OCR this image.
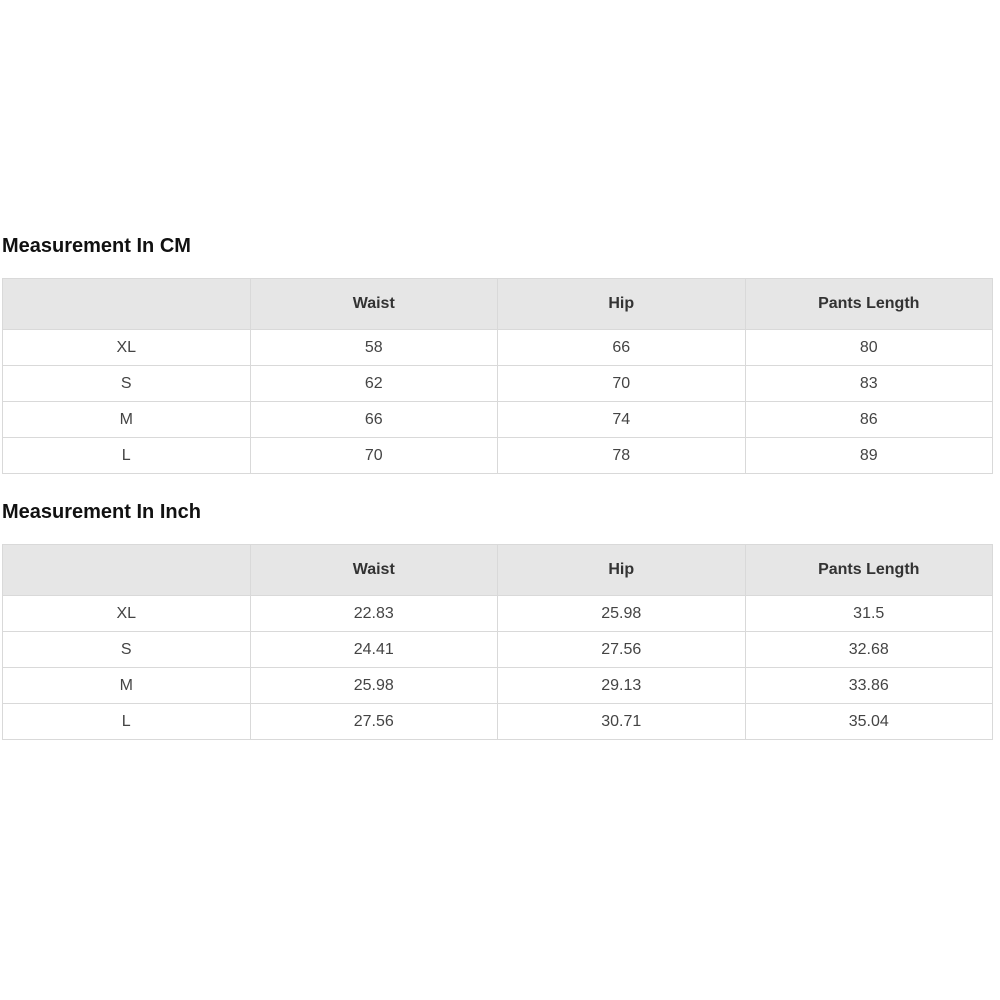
Measurement In CM
	Waist	Hip	Pants Length
XL	58	66	80
S	62	70	83
M	66	74	86
L	70	78	89
Measurement In Inch
	Waist	Hip	Pants Length
XL	22.83	25.98	31.5
S	24.41	27.56	32.68
M	25.98	29.13	33.86
L	27.56	30.71	35.04
